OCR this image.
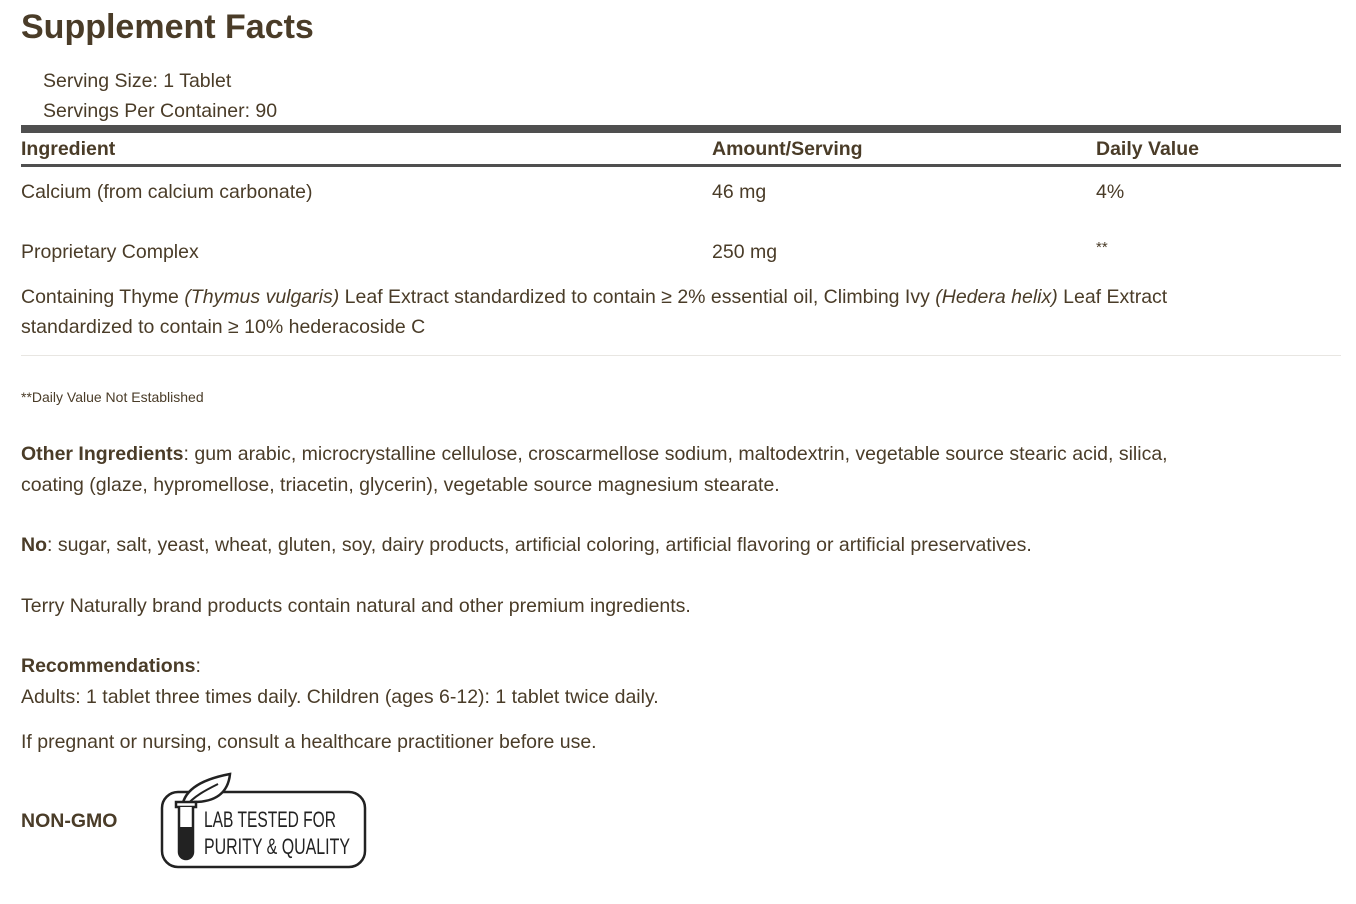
Supplement Facts
Serving Size: 1 Tablet
Servings Per Container: 90
Ingredient	Amount/Serving	Daily Value
Calcium (from calcium carbonate)	46 mg	4%
Proprietary Complex	250 mg	**
Containing Thyme (Thymus vulgaris) Leaf Extract standardized to contain ≥ 2% essential oil, Climbing Ivy (Hedera helix) Leaf Extract
standardized to contain ≥ 10% hederacoside C
**Daily Value Not Established
Other Ingredients: gum arabic, microcrystalline cellulose, croscarmellose sodium, maltodextrin, vegetable source stearic acid, silica,
coating (glaze, hypromellose, triacetin, glycerin), vegetable source magnesium stearate.
No: sugar, salt, yeast, wheat, gluten, soy, dairy products, artificial coloring, artificial flavoring or artificial preservatives.
Terry Naturally brand products contain natural and other premium ingredients.
Recommendations:
Adults: 1 tablet three times daily. Children (ages 6-12): 1 tablet twice daily.
If pregnant or nursing, consult a healthcare practitioner before use.
NON-GMO	LAB TESTED FOR
PURITY & QUALITY
